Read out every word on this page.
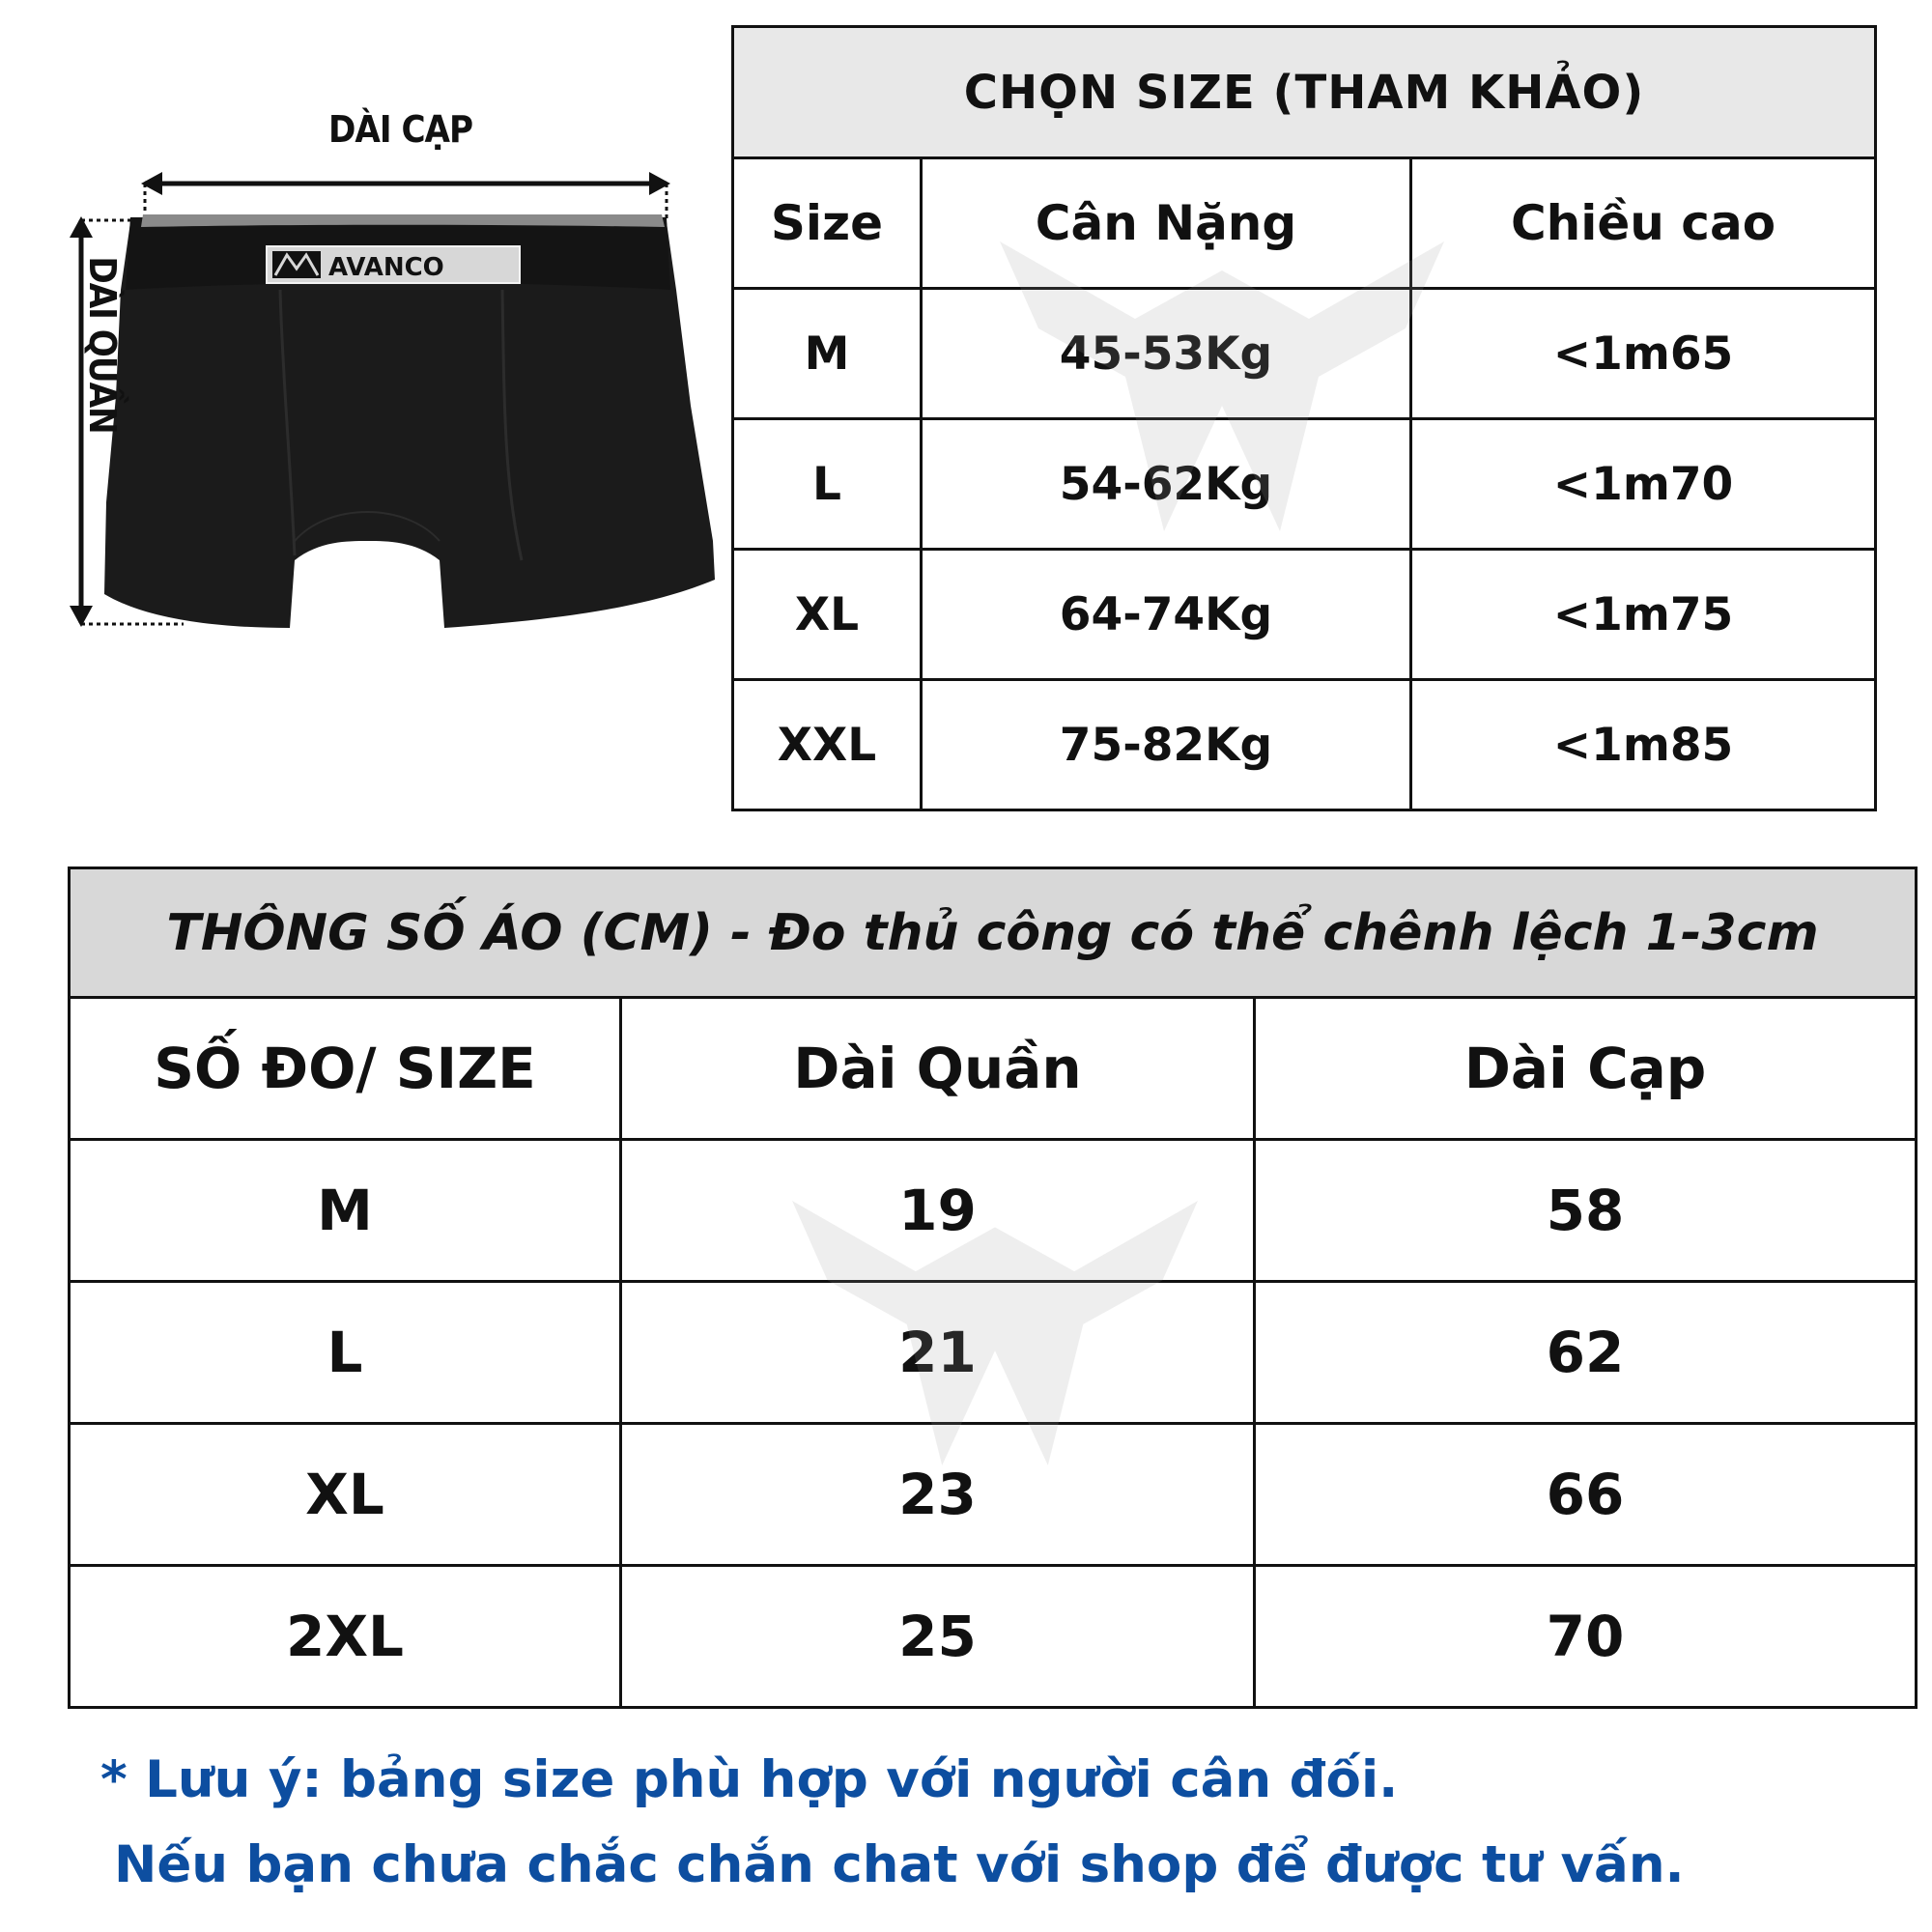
AVANCO
DÀI CẠP
DÀI QUẦN
CHỌN SIZE (THAM KHẢO)		
Size	Cân Nặng	Chiều cao
M	45-53Kg	<1m65
L	54-62Kg	<1m70
XL	64-74Kg	<1m75
XXL	75-82Kg	<1m85
THÔNG SỐ ÁO (CM) - Đo thủ công có thể chênh lệch 1-3cm		
SỐ ĐO/ SIZE	Dài Quần	Dài Cạp
M	19	58
L	21	62
XL	23	66
2XL	25	70
* Lưu ý: bảng size phù hợp với người cân đối.
Nếu bạn chưa chắc chắn chat với shop để được tư vấn.
